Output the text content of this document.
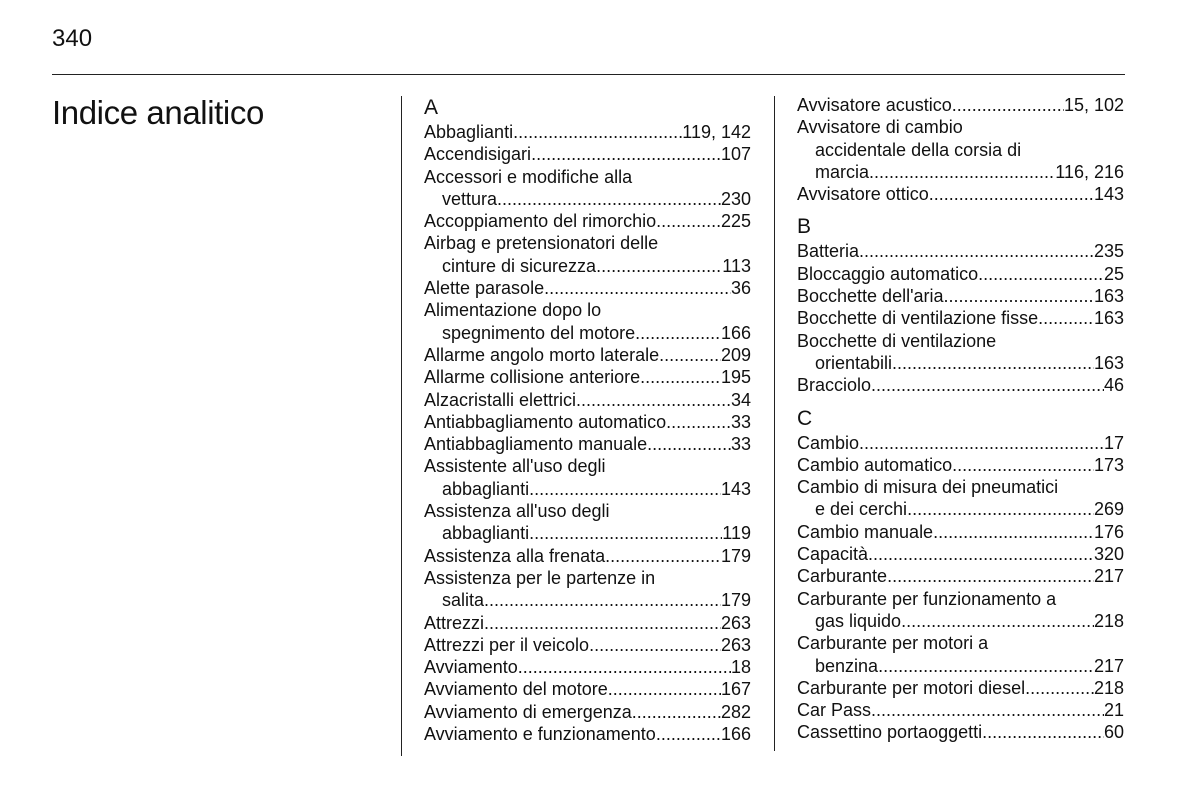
340
Indice analitico	A
Abbaglianti .....	119, 142
Accendisigari .....	107
Accessori e modifiche alla
vettura .....	230
Accoppiamento del rimorchio .....	225
Airbag e pretensionatori delle
cinture di sicurezza .....	113
Alette parasole .....	36
Alimentazione dopo lo
spegnimento del motore .....	166
Allarme angolo morto laterale .....	209
Allarme collisione anteriore .....	195
Alzacristalli elettrici .....	34
Antiabbagliamento automatico .....	33
Antiabbagliamento manuale .....	33
Assistente all'uso degli
abbaglianti .....	143
Assistenza all'uso degli
abbaglianti .....	119
Assistenza alla frenata .....	179
Assistenza per le partenze in
salita .....	179
Attrezzi .....	263
Attrezzi per il veicolo .....	263
Avviamento .....	18
Avviamento del motore .....	167
Avviamento di emergenza .....	282
Avviamento e funzionamento .....	166
Avvisatore acustico .....	15, 102
Avvisatore di cambio
accidentale della corsia di
marcia .....	116, 216
Avvisatore ottico .....	143
B
Batteria .....	235
Bloccaggio automatico .....	25
Bocchette dell'aria .....	163
Bocchette di ventilazione fisse .....	163
Bocchette di ventilazione
orientabili .....	163
Bracciolo .....	46
C
Cambio .....	17
Cambio automatico .....	173
Cambio di misura dei pneumatici
e dei cerchi .....	269
Cambio manuale .....	176
Capacità .....	320
Carburante .....	217
Carburante per funzionamento a
gas liquido .....	218
Carburante per motori a
benzina .....	217
Carburante per motori diesel .....	218
Car Pass .....	21
Cassettino portaoggetti .....	60
